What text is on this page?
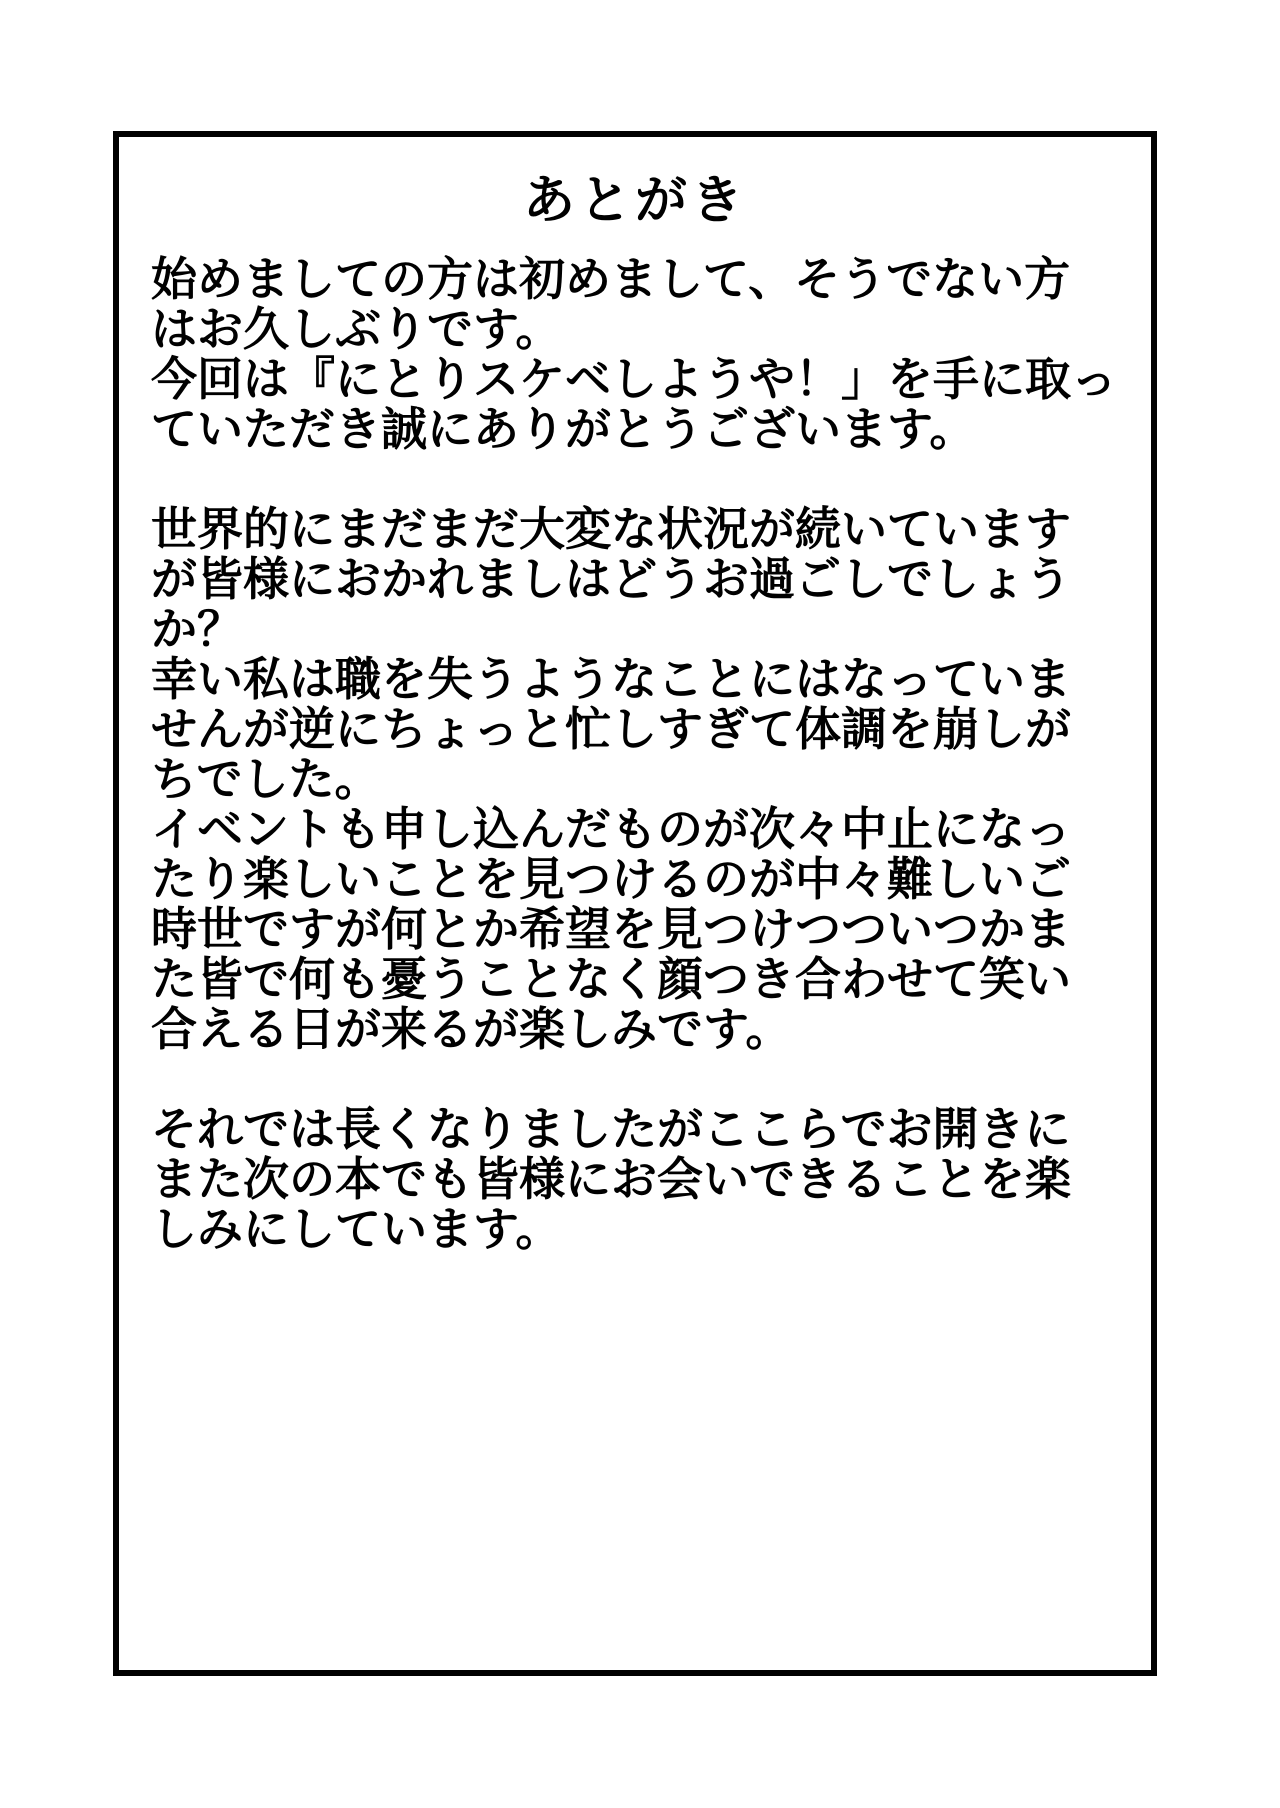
あとがき
始めましての方は初めまして、そうでない方
はお久しぶりです。
今回は『にとりスケベしようや！」を手に取っ
ていただき誠にありがとうございます。
世界的にまだまだ大変な状況が続いています
が皆様におかれましはどうお過ごしでしょう
か？
幸い私は職を失うようなことにはなっていま
せんが逆にちょっと忙しすぎて体調を崩しが
ちでした。
イベントも申し込んだものが次々中止になっ
たり楽しいことを見つけるのが中々難しいご
時世ですが何とか希望を見つけつついつかま
た皆で何も憂うことなく顔つき合わせて笑い
合える日が来るが楽しみです。
それでは長くなりましたがここらでお開きに
また次の本でも皆様にお会いできることを楽
しみにしています。
